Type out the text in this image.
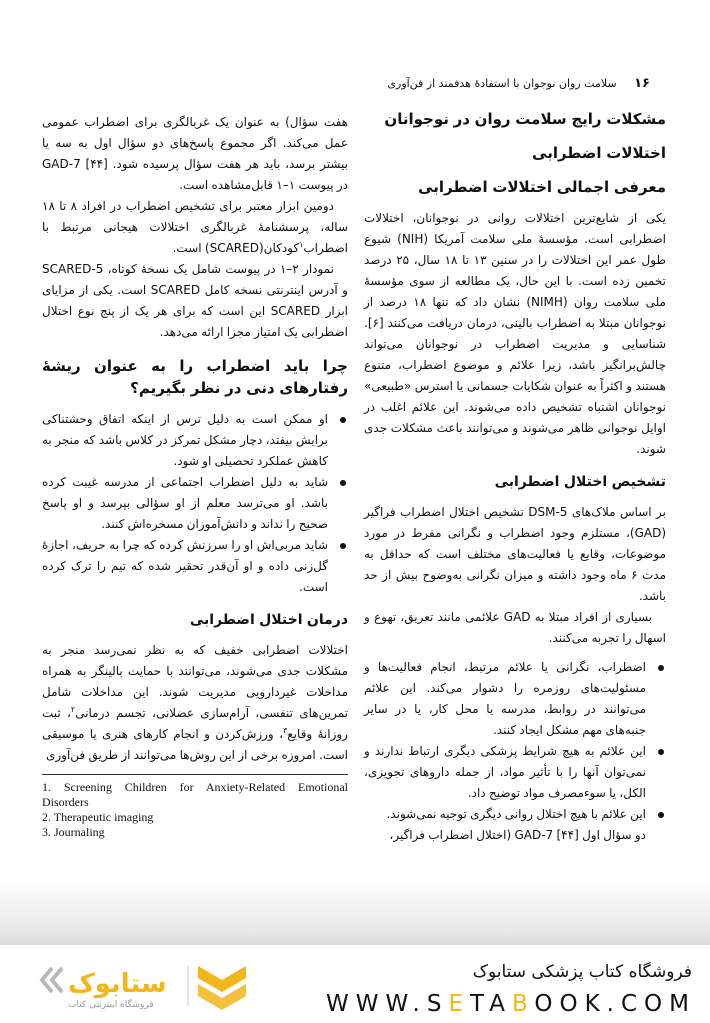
۱۶ سلامت روان نوجوان با استفادهٔ هدفمند از فن‌آوری
مشکلات رایج سلامت روان در نوجوانان
اختلالات اضطرابی
معرفی اجمالی اختلالات اضطرابی

یکی از شایع‌ترین اختلالات روانی در نوجوانان، اختلالات اضطرابی است. مؤسسهٔ ملی سلامت آمریکا (NIH) شیوع طول عمر این اختلالات را در سنین ۱۳ تا ۱۸ سال، ۲۵ درصد تخمین زده است. با این حال، یک مطالعه از سوی مؤسسهٔ ملی سلامت روان (NIMH) نشان داد که تنها ۱۸ درصد از نوجوانان مبتلا به اضطراب بالینی، درمان دریافت می‌کنند [۶]. شناسایی و مدیریت اضطراب در نوجوانان می‌تواند چالش‌برانگیز باشد، زیرا علائم و موضوع اضطراب، متنوع هستند و اکثراً به عنوان شکایات جسمانی یا استرس «طبیعی» نوجوانان اشتباه تشخیص داده می‌شوند. این علائم اغلب در اوایل نوجوانی ظاهر می‌شوند و می‌توانند باعث مشکلات جدی شوند.

تشخیص اختلال اضطرابی

بر اساس ملاک‌های DSM-5 تشخیص اختلال اضطراب فراگیر (GAD)، مستلزم وجود اضطراب و نگرانی مفرط در مورد موضوعات، وقایع یا فعالیت‌های مختلف است که حداقل به مدت ۶ ماه وجود داشته و میزان نگرانی به‌وضوح بیش از حد باشد.

بسیاری از افراد مبتلا به GAD علائمی مانند تعریق، تهوع و اسهال را تجربه می‌کنند.

اضطراب، نگرانی یا علائم مرتبط، انجام فعالیت‌ها و مسئولیت‌های روزمره را دشوار می‌کند. این علائم می‌توانند در روابط، مدرسه یا محل کار، یا در سایر جنبه‌های مهم مشکل ایجاد کنند.
این علائم به هیچ شرایط پزشکی دیگری ارتباط ندارند و نمی‌توان آنها را با تأثیر مواد، از جمله داروهای تجویزی، الکل، یا سوءمصرف مواد توضیح داد.
این علائم با هیچ اختلال روانی دیگری توجیه نمی‌شوند.

دو سؤال اول GAD-7 [۴۴] (اختلال اضطراب فراگیر،

هفت سؤال) به عنوان یک غربالگری برای اضطراب عمومی عمل می‌کند. اگر مجموع پاسخ‌های دو سؤال اول به سه یا بیشتر برسد، باید هر هفت سؤال پرسیده شود. GAD-7 [۴۴] در پیوست ۱–۱ قابل‌مشاهده است.

دومین ابزار معتبر برای تشخیص اضطراب در افراد ۸ تا ۱۸ ساله، پرسشنامهٔ غربالگری اختلالات هیجانی مرتبط با اضطراب$^۱$کودکان(SCARED) است.

نمودار ۲–۱ در پیوست شامل یک نسخهٔ کوتاه، SCARED-5 و آدرس اینترنتی نسخه کامل SCARED است. یکی از مزایای ابزار SCARED این است که برای هر یک از پنج نوع اختلال اضطرابی یک امتیاز مجزا ارائه می‌دهد.

چرا باید اضطراب را به عنوان ریشهٔ رفتارهای دنی در نظر بگیریم؟
او ممکن است به دلیل ترس از اینکه اتفاق وحشتناکی برایش بیفتد، دچار مشکل تمرکز در کلاس باشد که منجر به کاهش عملکرد تحصیلی او شود.
شاید به دلیل اضطراب اجتماعی از مدرسه غیبت کرده باشد. او می‌ترسد معلم از او سؤالی بپرسد و او پاسخ صحیح را نداند و دانش‌آموزان مسخره‌اش کنند.
شاید مربی‌اش او را سرزنش کرده که چرا به حریف، اجازهٔ گل‌زنی داده و او آن‌قدر تحقیر شده که تیم را ترک کرده است.
درمان اختلال اضطرابی

اختلالات اضطرابی خفیف که به نظر نمی‌رسد منجر به مشکلات جدی می‌شوند، می‌توانند با حمایت بالینگر به همراه مداخلات غیردارویی مدیریت شوند. این مداخلات شامل تمرین‌های تنفسی، آرام‌سازی عضلانی، تجسم درمانی$^۲$، ثبت روزانهٔ وقایع$^۳$، ورزش‌کردن و انجام کارهای هنری یا موسیقی است. امروزه برخی از این روش‌ها می‌توانند از طریق فن‌آوری

1. Screening Children for Anxiety-Related Emotional Disorders
2. Therapeutic imaging
3. Journaling
ستابوک
فروشگاه اینترنتی کتاب
فروشگاه کتاب پزشکی ستابوک
WWW.SETABOOK.COM
